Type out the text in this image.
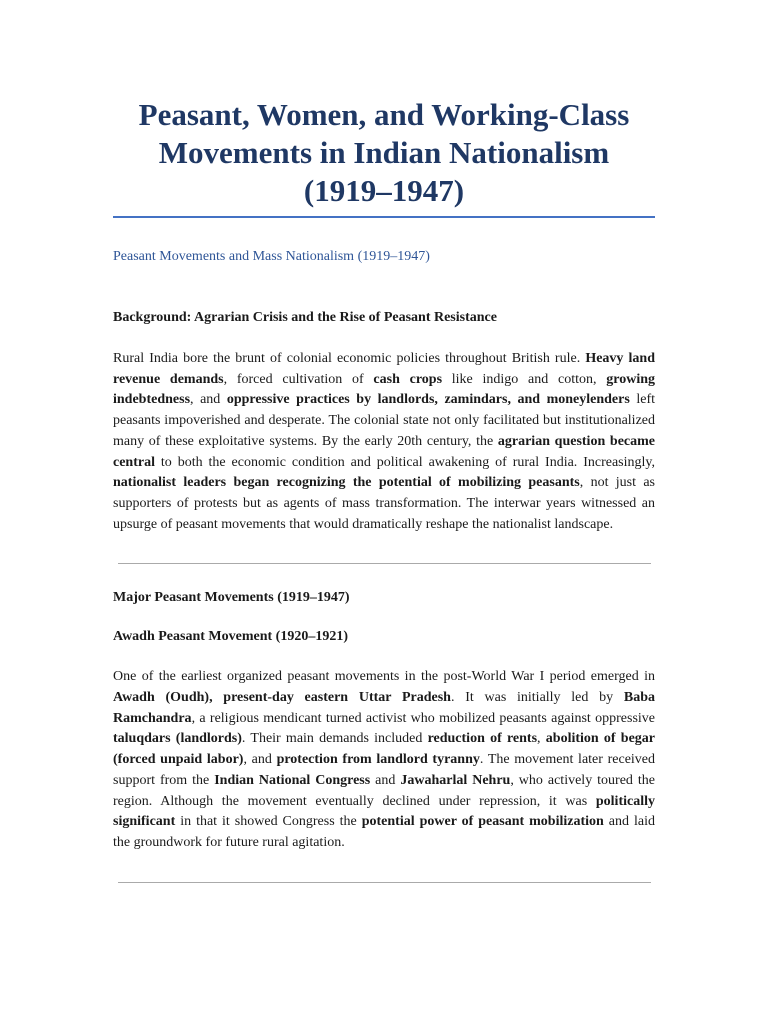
Peasant, Women, and Working-Class
Movements in Indian Nationalism
(1919–1947)
Peasant Movements and Mass Nationalism (1919–1947)
Background: Agrarian Crisis and the Rise of Peasant Resistance

Rural India bore the brunt of colonial economic policies throughout British rule. Heavy land revenue demands, forced cultivation of cash crops like indigo and cotton, growing indebtedness, and oppressive practices by landlords, zamindars, and moneylenders left peasants impoverished and desperate. The colonial state not only facilitated but institutionalized many of these exploitative systems. By the early 20th century, the agrarian question became central to both the economic condition and political awakening of rural India. Increasingly, nationalist leaders began recognizing the potential of mobilizing peasants, not just as supporters of protests but as agents of mass transformation. The interwar years witnessed an upsurge of peasant movements that would dramatically reshape the nationalist landscape.

Major Peasant Movements (1919–1947)
Awadh Peasant Movement (1920–1921)

One of the earliest organized peasant movements in the post-World War I period emerged in Awadh (Oudh), present-day eastern Uttar Pradesh. It was initially led by Baba Ramchandra, a religious mendicant turned activist who mobilized peasants against oppressive taluqdars (landlords). Their main demands included reduction of rents, abolition of begar (forced unpaid labor), and protection from landlord tyranny. The movement later received support from the Indian National Congress and Jawaharlal Nehru, who actively toured the region. Although the movement eventually declined under repression, it was politically significant in that it showed Congress the potential power of peasant mobilization and laid the groundwork for future rural agitation.
